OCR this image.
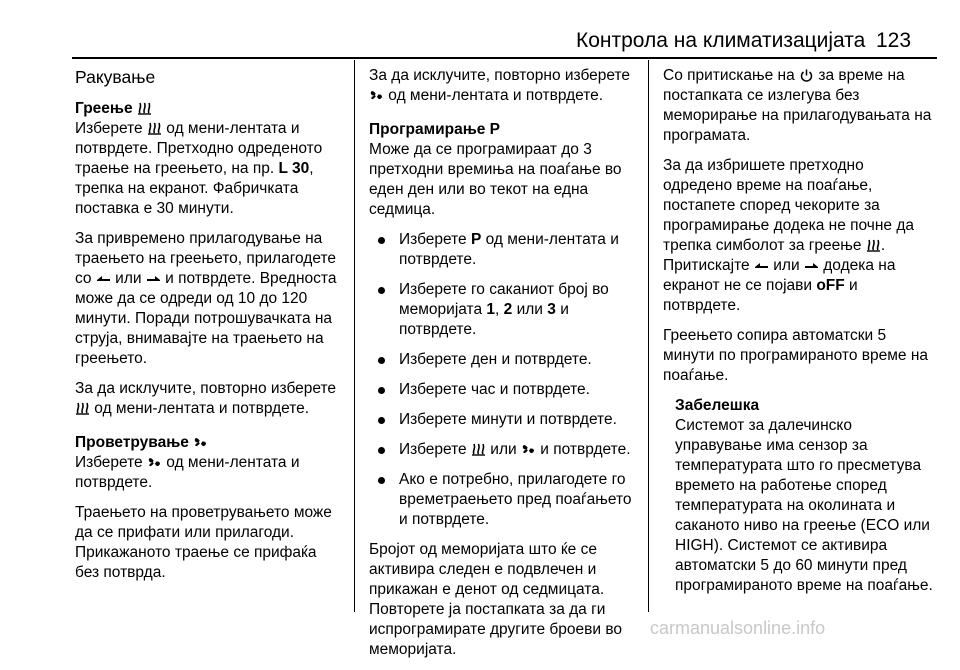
Контрола на климатизацијата 123
Ракување
Греење

Изберете
од мени-лентата и потврдете. Претходно одреденото траење на греењето, на пр. L 30, трепка на екранот. Фабричката поставка е 30 минути.

За привремено прилагодување на траењето на греењето, прилагодете со
или
и потврдете. Вредноста може да се одреди од 10 до 120 минути. Поради потрошувачката на струја, внимавајте на траењето на греењето.

За да исклучите, повторно изберете
од мени-лентата и потврдете.

Проветрување

Изберете
од мени-лентата и потврдете.

Траењето на проветрувањето може да се прифати или прилагоди. Прикажаното траење се прифаќа без потврда.

За да исклучите, повторно изберете
од мени-лентата и потврдете.

Програмирање P

Може да се програмираат до 3 претходни времиња на поаѓање во еден ден или во текот на една седмица.

Изберете P од мени-лентата и потврдете.
Изберете го саканиот број во меморијата 1, 2 или 3 и потврдете.
Изберете ден и потврдете.
Изберете час и потврдете.
Изберете минути и потврдете.
Изберете
или
и потврдете.
Ако е потребно, прилагодете го времетраењето пред поаѓањето и потврдете.

Бројот од меморијата што ќе се активира следен е подвлечен и прикажан е денот од седмицата. Повторете ја постапката за да ги испрограмирате другите броеви во меморијата.

Со притискање на
за време на постапката се излегува без меморирање на прилагодувањата на програмата.

За да избришете претходно одредено време на поаѓање, постапете според чекорите за програмирање додека не почне да трепка симболот за греење
. Притискајте
или
додека на екранот не се појави oFF и потврдете.

Греењето сопира автоматски 5 минути по програмираното време на поаѓање.

Забелешка

Системот за далечинско управување има сензор за температурата што го пресметува времето на работење според температурата на околината и саканото ниво на греење (ECO или HIGH). Системот се активира автоматски 5 до 60 минути пред програмираното време на поаѓање.

carmanualsonline.info
